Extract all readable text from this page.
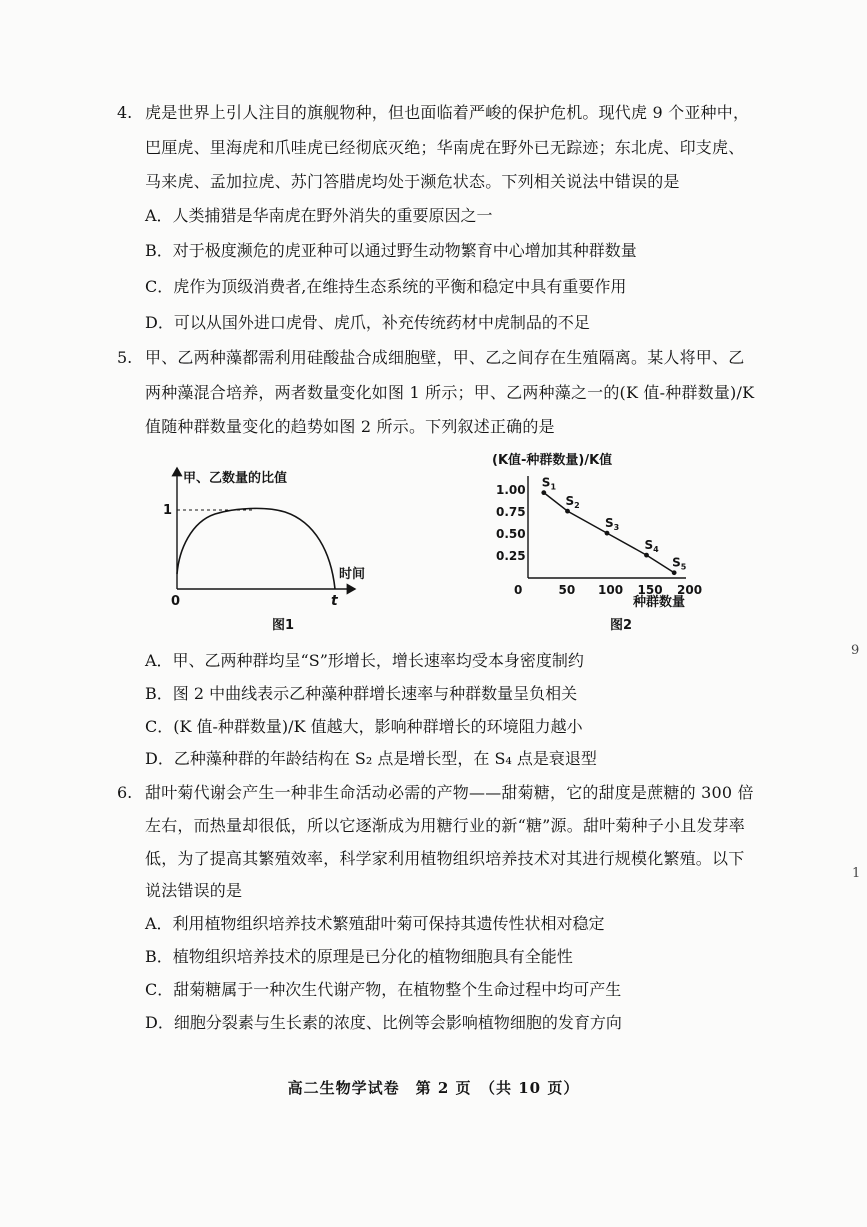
4. 虎是世界上引人注目的旗舰物种，但也面临着严峻的保护危机。现代虎 9 个亚种中，
巴厘虎、里海虎和爪哇虎已经彻底灭绝；华南虎在野外已无踪迹；东北虎、印支虎、
马来虎、孟加拉虎、苏门答腊虎均处于濒危状态。下列相关说法中错误的是
A．人类捕猎是华南虎在野外消失的重要原因之一
B．对于极度濒危的虎亚种可以通过野生动物繁育中心增加其种群数量
C．虎作为顶级消费者,在维持生态系统的平衡和稳定中具有重要作用
D．可以从国外进口虎骨、虎爪，补充传统药材中虎制品的不足
5. 甲、乙两种藻都需利用硅酸盐合成细胞壁，甲、乙之间存在生殖隔离。某人将甲、乙
两种藻混合培养，两者数量变化如图 1 所示；甲、乙两种藻之一的(K 值-种群数量)/K
值随种群数量变化的趋势如图 2 所示。下列叙述正确的是
甲、乙数量的比值
1
0	t
时间
图1
(K值-种群数量)/K值
0.25
0.50
0.75
1.00
0	50 100 150 200
$S_1$
$S_2$
$S_3$
$S_4$
$S_5$
种群数量
图2
A．甲、乙两种群均呈“S”形增长，增长速率均受本身密度制约
B．图 2 中曲线表示乙种藻种群增长速率与种群数量呈负相关
C．(K 值-种群数量)/K 值越大，影响种群增长的环境阻力越小
D．乙种藻种群的年龄结构在 S₂ 点是增长型，在 S₄ 点是衰退型
6. 甜叶菊代谢会产生一种非生命活动必需的产物——甜菊糖，它的甜度是蔗糖的 300 倍
左右，而热量却很低，所以它逐渐成为用糖行业的新“糖”源。甜叶菊种子小且发芽率
低，为了提高其繁殖效率，科学家利用植物组织培养技术对其进行规模化繁殖。以下
说法错误的是
A．利用植物组织培养技术繁殖甜叶菊可保持其遗传性状相对稳定
B．植物组织培养技术的原理是已分化的植物细胞具有全能性
C．甜菊糖属于一种次生代谢产物，在植物整个生命过程中均可产生
D．细胞分裂素与生长素的浓度、比例等会影响植物细胞的发育方向
高二生物学试卷　第 2 页　（共 10 页）
9
1
